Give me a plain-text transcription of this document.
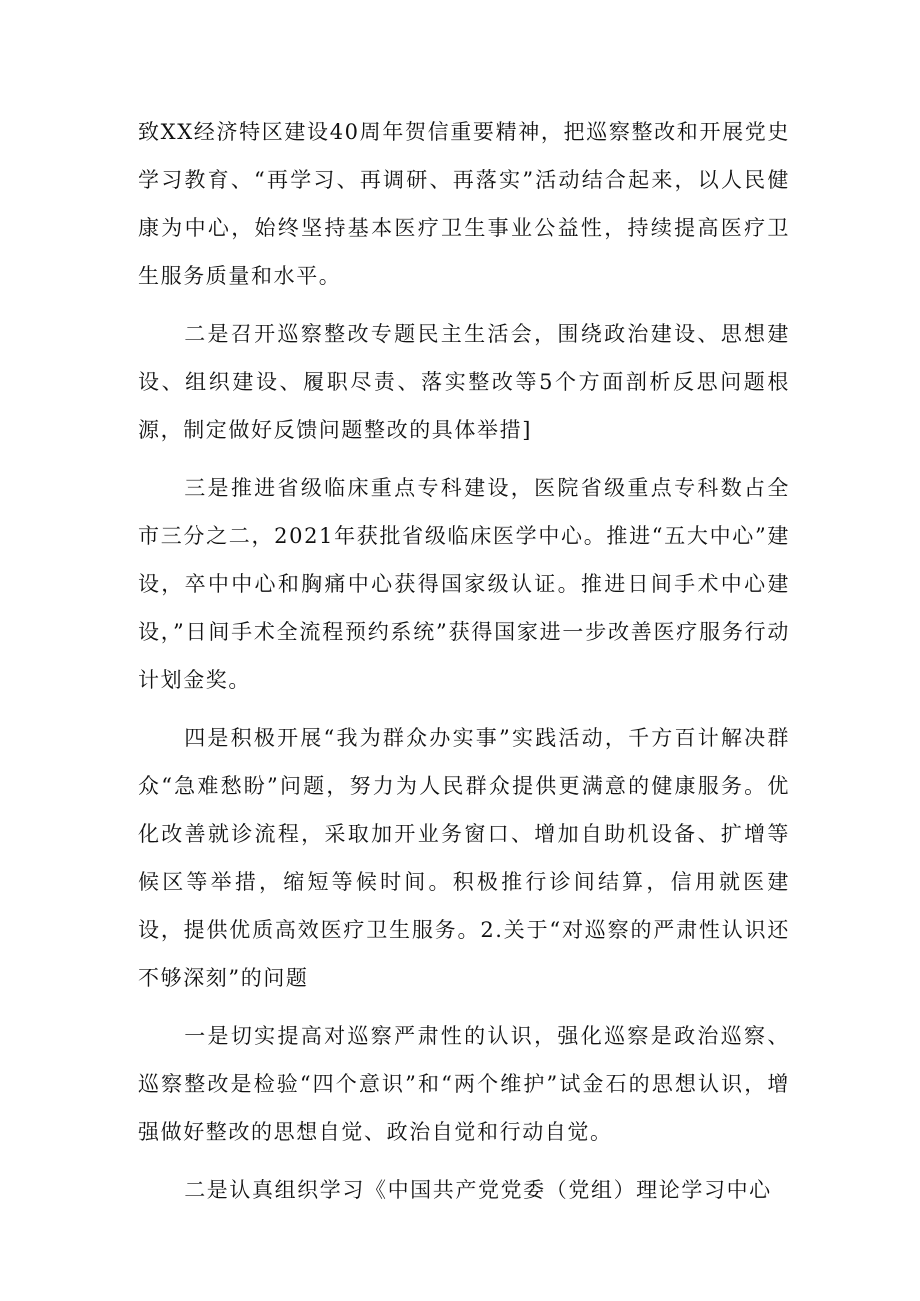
致XX经济特区建设40周年贺信重要精神，把巡察整改和开展党史学习教育、“再学习、再调研、再落实”活动结合起来，以人民健康为中心，始终坚持基本医疗卫生事业公益性，持续提高医疗卫生服务质量和水平。

二是召开巡察整改专题民主生活会，围绕政治建设、思想建设、组织建设、履职尽责、落实整改等5个方面剖析反思问题根源，制定做好反馈问题整改的具体举措]

三是推进省级临床重点专科建设，医院省级重点专科数占全市三分之二，2021年获批省级临床医学中心。推进“五大中心”建设，卒中中心和胸痛中心获得国家级认证。推进日间手术中心建设，”日间手术全流程预约系统”获得国家进一步改善医疗服务行动计划金奖。

四是积极开展“我为群众办实事”实践活动，千方百计解决群众“急难愁盼”问题，努力为人民群众提供更满意的健康服务。优化改善就诊流程，采取加开业务窗口、增加自助机设备、扩增等候区等举措，缩短等候时间。积极推行诊间结算，信用就医建设，提供优质高效医疗卫生服务。2.关于“对巡察的严肃性认识还不够深刻”的问题

一是切实提高对巡察严肃性的认识，强化巡察是政治巡察、巡察整改是检验“四个意识”和“两个维护”试金石的思想认识，增强做好整改的思想自觉、政治自觉和行动自觉。

二是认真组织学习《中国共产党党委（党组）理论学习中心
